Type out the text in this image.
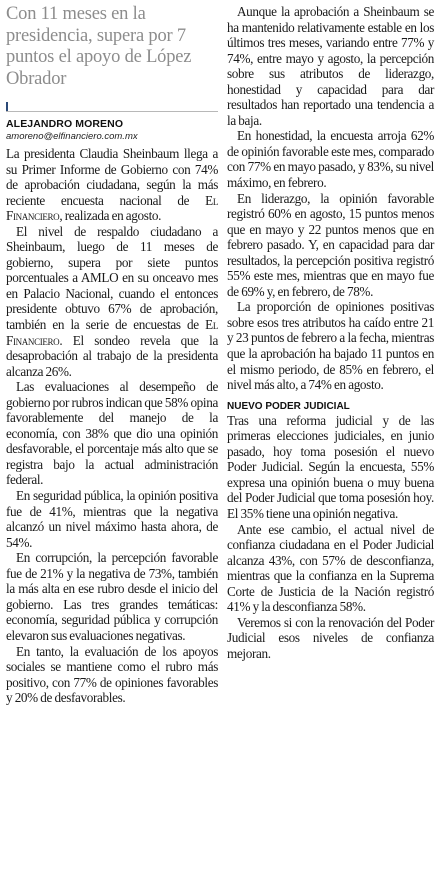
Con 11 meses en la presidencia, supera por 7 puntos el apoyo de López Obrador
ALEJANDRO MORENO
amoreno@elfinanciero.com.mx

La presidenta Claudia Sheinbaum llega a su Primer Informe de Gobierno con 74% de aprobación ciudadana, según la más reciente encuesta nacional de El Financiero, realizada en agosto.

El nivel de respaldo ciudadano a Sheinbaum, luego de 11 meses de gobierno, supera por siete puntos porcentuales a AMLO en su onceavo mes en Palacio Nacional, cuando el entonces presidente obtuvo 67% de aprobación, también en la serie de encuestas de El Financiero. El sondeo revela que la desaprobación al trabajo de la presidenta alcanza 26%.

Las evaluaciones al desempeño de gobierno por rubros indican que 58% opina favorablemente del manejo de la economía, con 38% que dio una opinión desfavorable, el porcentaje más alto que se registra bajo la actual administración federal.

En seguridad pública, la opinión positiva fue de 41%, mientras que la negativa alcanzó un nivel máximo hasta ahora, de 54%.

En corrupción, la percepción favorable fue de 21% y la negativa de 73%, también la más alta en ese rubro desde el inicio del gobierno. Las tres grandes temáticas: economía, seguridad pública y corrupción elevaron sus evaluaciones negativas.

En tanto, la evaluación de los apoyos sociales se mantiene como el rubro más positivo, con 77% de opiniones favorables y 20% de desfavorables.

Aunque la aprobación a Sheinbaum se ha mantenido relativamente estable en los últimos tres meses, variando entre 77% y 74%, entre mayo y agosto, la percepción sobre sus atributos de liderazgo, honestidad y capacidad para dar resultados han reportado una tendencia a la baja.

En honestidad, la encuesta arroja 62% de opinión favorable este mes, comparado con 77% en mayo pasado, y 83%, su nivel máximo, en febrero.

En liderazgo, la opinión favorable registró 60% en agosto, 15 puntos menos que en mayo y 22 puntos menos que en febrero pasado. Y, en capacidad para dar resultados, la percepción positiva registró 55% este mes, mientras que en mayo fue de 69% y, en febrero, de 78%.

La proporción de opiniones positivas sobre esos tres atributos ha caído entre 21 y 23 puntos de febrero a la fecha, mientras que la aprobación ha bajado 11 puntos en el mismo periodo, de 85% en febrero, el nivel más alto, a 74% en agosto.

NUEVO PODER JUDICIAL

Tras una reforma judicial y de las primeras elecciones judiciales, en junio pasado, hoy toma posesión el nuevo Poder Judicial. Según la encuesta, 55% expresa una opinión buena o muy buena del Poder Judicial que toma posesión hoy. El 35% tiene una opinión negativa.

Ante ese cambio, el actual nivel de confianza ciudadana en el Poder Judicial alcanza 43%, con 57% de desconfianza, mientras que la confianza en la Suprema Corte de Justicia de la Nación registró 41% y la desconfianza 58%.

Veremos si con la renovación del Poder Judicial esos niveles de confianza mejoran.
